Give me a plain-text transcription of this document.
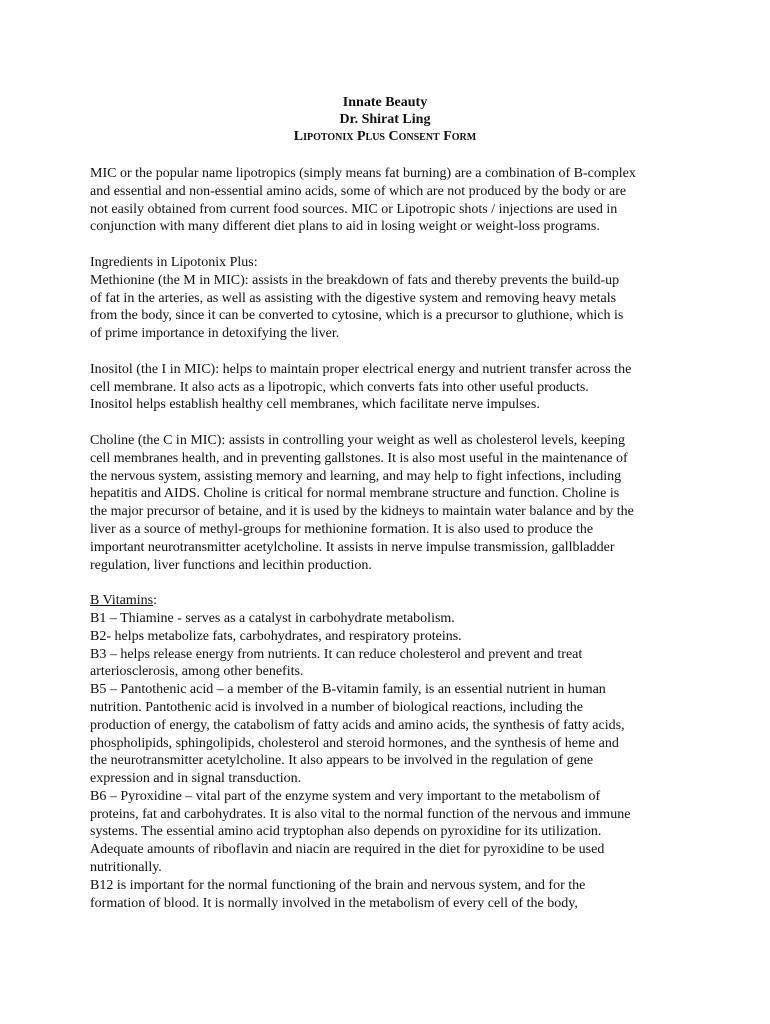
Innate Beauty
Dr. Shirat Ling
Lipotonix Plus Consent Form

MIC or the popular name lipotropics (simply means fat burning) are a combination of B-complex
and essential and non-essential amino acids, some of which are not produced by the body or are
not easily obtained from current food sources. MIC or Lipotropic shots / injections are used in
conjunction with many different diet plans to aid in losing weight or weight-loss programs.

Ingredients in Lipotonix Plus:
Methionine (the M in MIC): assists in the breakdown of fats and thereby prevents the build-up
of fat in the arteries, as well as assisting with the digestive system and removing heavy metals
from the body, since it can be converted to cytosine, which is a precursor to gluthione, which is
of prime importance in detoxifying the liver.

Inositol (the I in MIC): helps to maintain proper electrical energy and nutrient transfer across the
cell membrane. It also acts as a lipotropic, which converts fats into other useful products.
Inositol helps establish healthy cell membranes, which facilitate nerve impulses.

Choline (the C in MIC): assists in controlling your weight as well as cholesterol levels, keeping
cell membranes health, and in preventing gallstones. It is also most useful in the maintenance of
the nervous system, assisting memory and learning, and may help to fight infections, including
hepatitis and AIDS. Choline is critical for normal membrane structure and function. Choline is
the major precursor of betaine, and it is used by the kidneys to maintain water balance and by the
liver as a source of methyl-groups for methionine formation. It is also used to produce the
important neurotransmitter acetylcholine. It assists in nerve impulse transmission, gallbladder
regulation, liver functions and lecithin production.

B Vitamins:
B1 – Thiamine - serves as a catalyst in carbohydrate metabolism.
B2- helps metabolize fats, carbohydrates, and respiratory proteins.
B3 – helps release energy from nutrients. It can reduce cholesterol and prevent and treat
arteriosclerosis, among other benefits.
B5 – Pantothenic acid – a member of the B-vitamin family, is an essential nutrient in human
nutrition. Pantothenic acid is involved in a number of biological reactions, including the
production of energy, the catabolism of fatty acids and amino acids, the synthesis of fatty acids,
phospholipids, sphingolipids, cholesterol and steroid hormones, and the synthesis of heme and
the neurotransmitter acetylcholine. It also appears to be involved in the regulation of gene
expression and in signal transduction.
B6 – Pyroxidine – vital part of the enzyme system and very important to the metabolism of
proteins, fat and carbohydrates. It is also vital to the normal function of the nervous and immune
systems. The essential amino acid tryptophan also depends on pyroxidine for its utilization.
Adequate amounts of riboflavin and niacin are required in the diet for pyroxidine to be used
nutritionally.
B12 is important for the normal functioning of the brain and nervous system, and for the
formation of blood. It is normally involved in the metabolism of every cell of the body,
